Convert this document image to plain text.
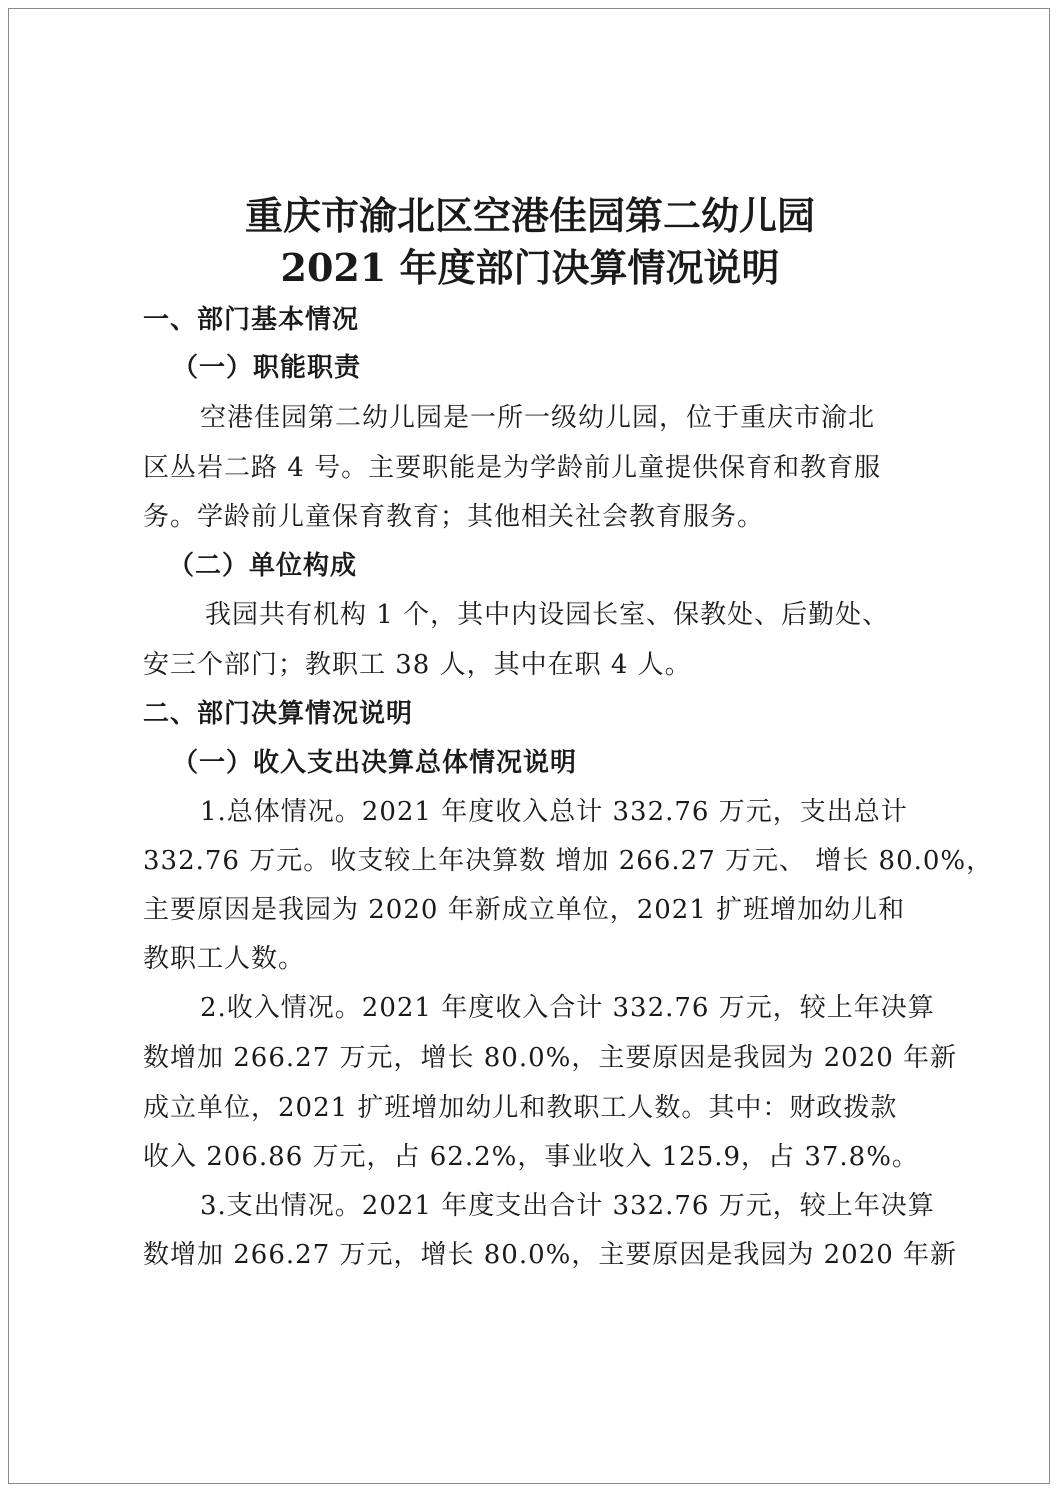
重庆市渝北区空港佳园第二幼儿园
2021 年度部门决算情况说明

一、部门基本情况

（一）职能职责

空港佳园第二幼儿园是一所一级幼儿园，位于重庆市渝北

区丛岩二路 4 号。主要职能是为学龄前儿童提供保育和教育服

务。学龄前儿童保育教育；其他相关社会教育服务。

（二）单位构成

我园共有机构 1 个，其中内设园长室、保教处、后勤处、

安三个部门；教职工 38 人，其中在职 4 人。

二、部门决算情况说明

（一）收入支出决算总体情况说明

1.总体情况。2021 年度收入总计 332.76 万元，支出总计

332.76 万元。收支较上年决算数 增加 266.27 万元、 增长 80.0%，

主要原因是我园为 2020 年新成立单位，2021 扩班增加幼儿和

教职工人数。

2.收入情况。2021 年度收入合计 332.76 万元，较上年决算

数增加 266.27 万元，增长 80.0%，主要原因是我园为 2020 年新

成立单位，2021 扩班增加幼儿和教职工人数。其中：财政拨款

收入 206.86 万元，占 62.2%，事业收入 125.9，占 37.8%。

3.支出情况。2021 年度支出合计 332.76 万元，较上年决算

数增加 266.27 万元，增长 80.0%，主要原因是我园为 2020 年新
